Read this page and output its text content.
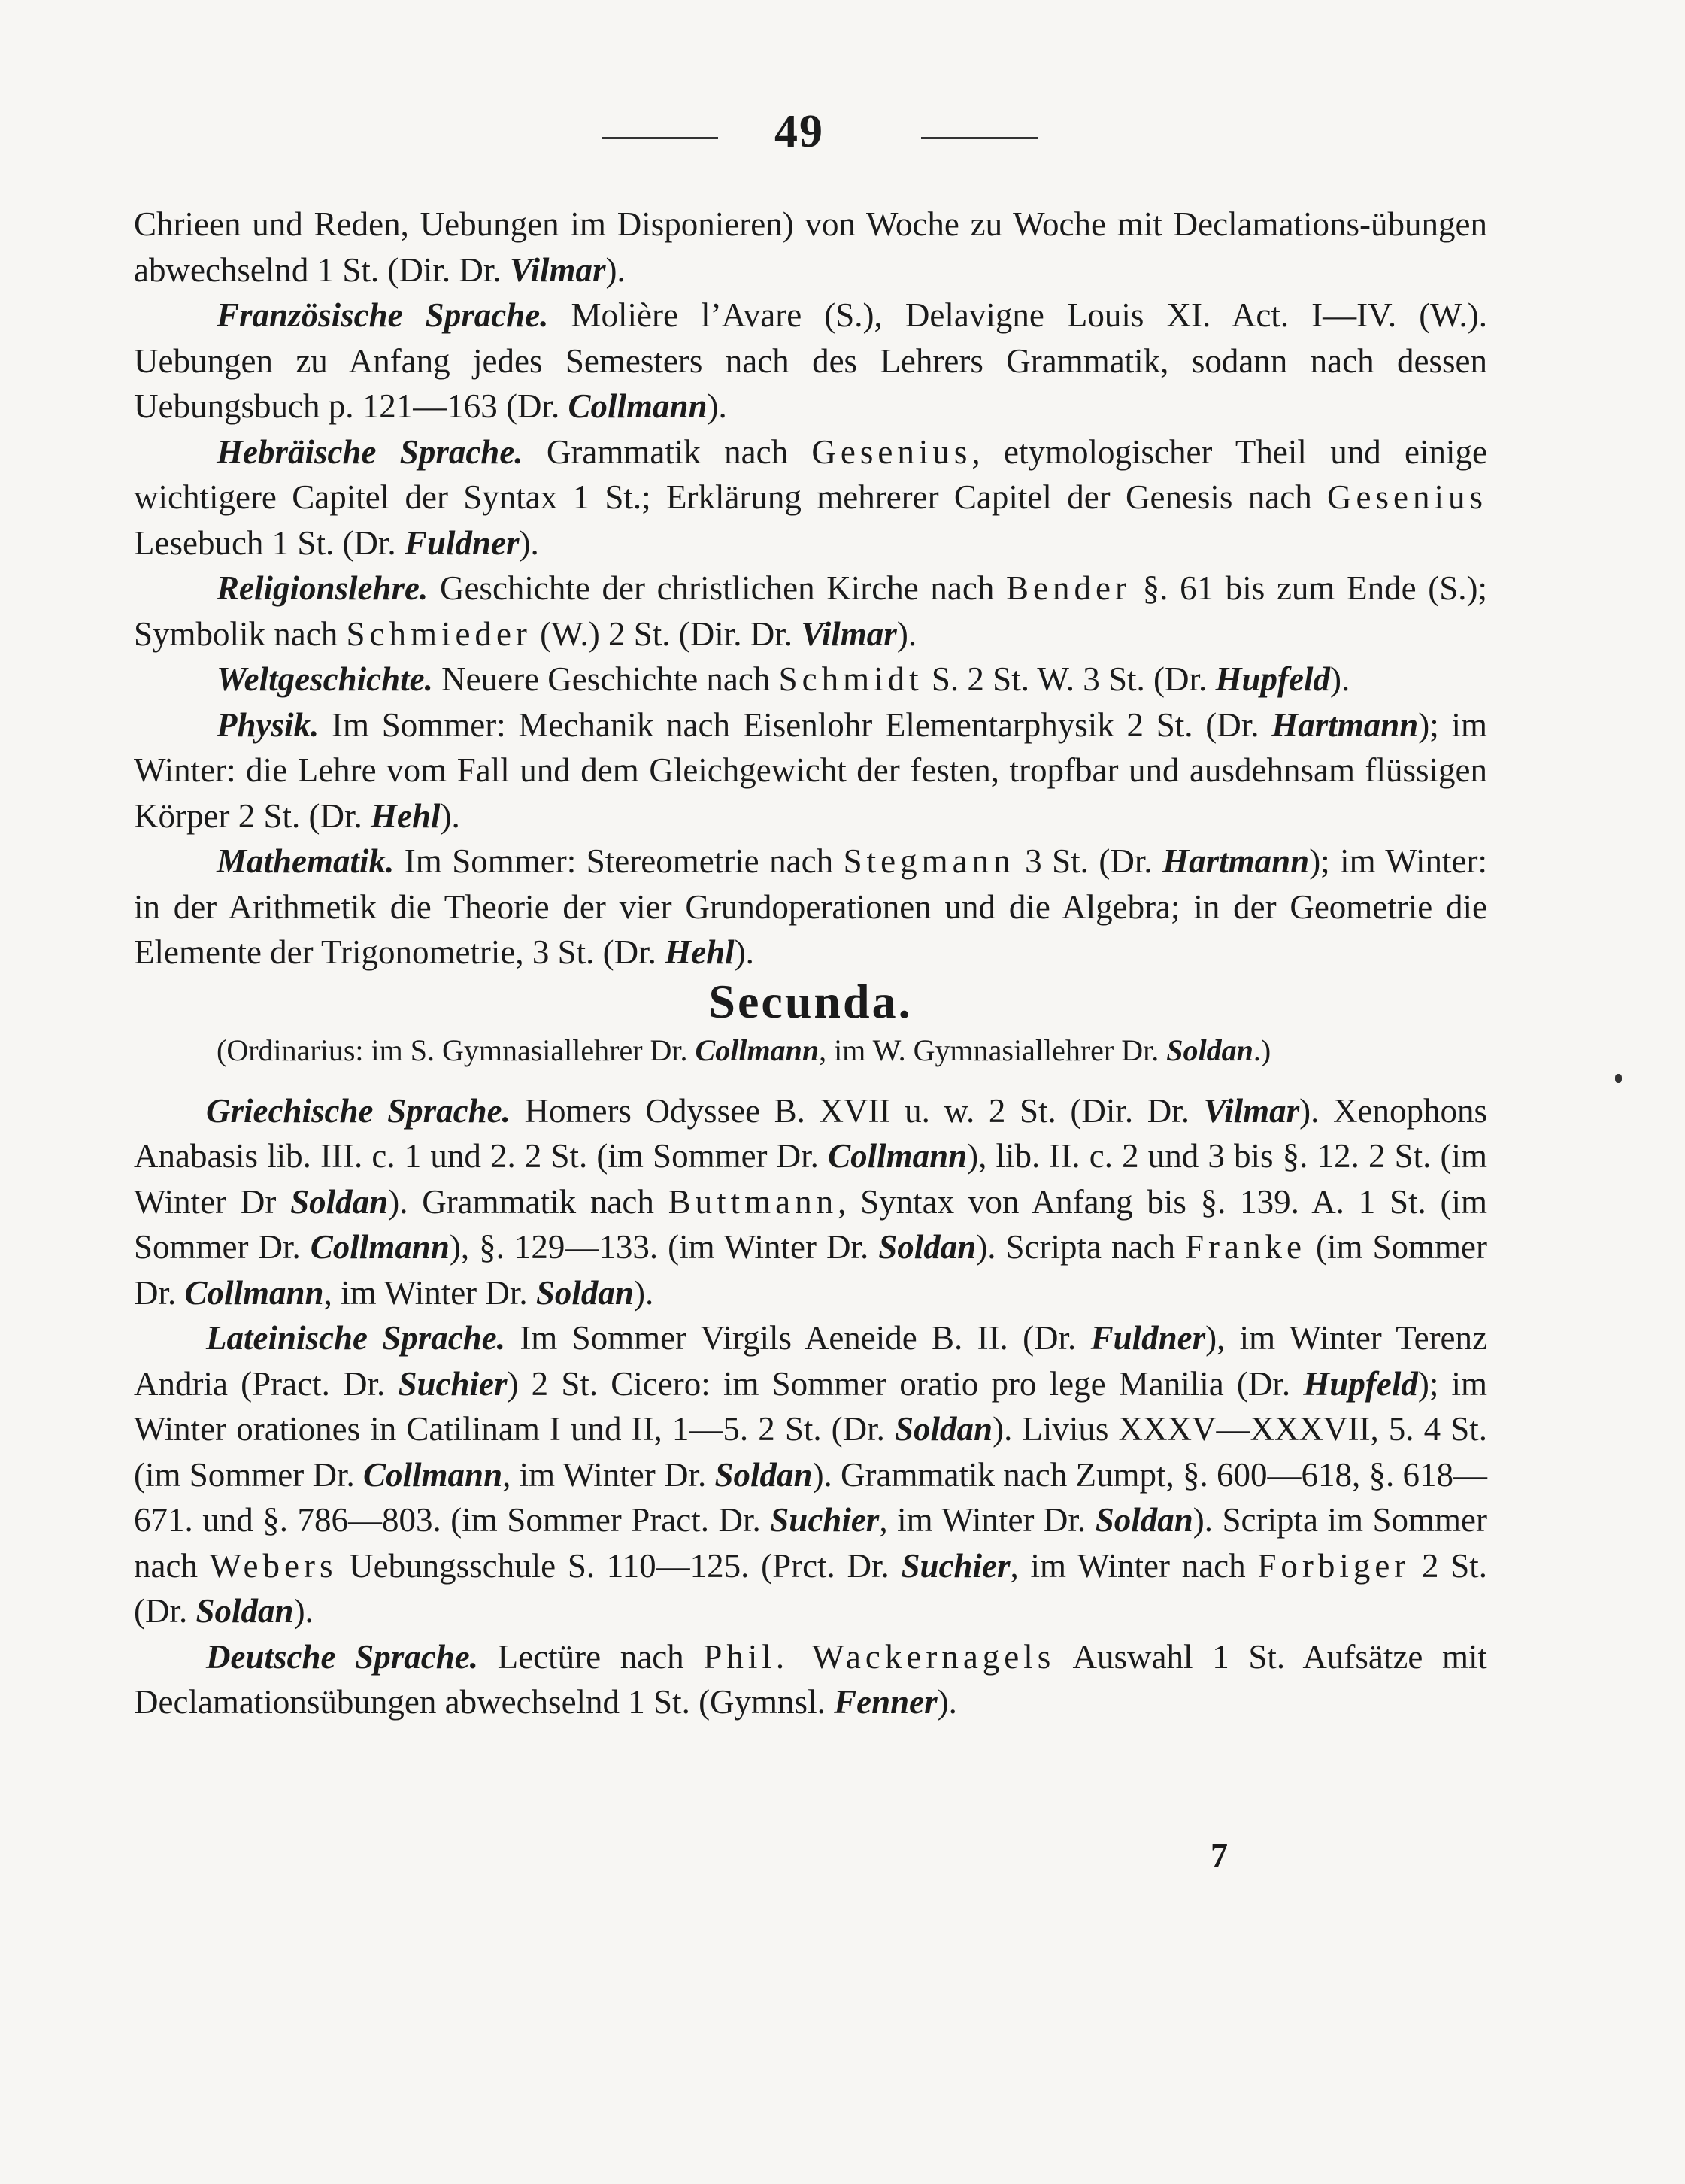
49

Chrieen und Reden, Uebungen im Disponieren) von Woche zu Woche mit Declamations-übungen abwechselnd 1 St. (Dir. Dr. Vilmar).

Französische Sprache. Molière l’Avare (S.), Delavigne Louis XI. Act. I—IV. (W.). Uebungen zu Anfang jedes Semesters nach des Lehrers Grammatik, sodann nach dessen Uebungsbuch p. 121—163 (Dr. Collmann).

Hebräische Sprache. Grammatik nach Gesenius, etymologischer Theil und einige wichtigere Capitel der Syntax 1 St.; Erklärung mehrerer Capitel der Genesis nach Gesenius Lesebuch 1 St. (Dr. Fuldner).

Religionslehre. Geschichte der christlichen Kirche nach Bender §. 61 bis zum Ende (S.); Symbolik nach Schmieder (W.) 2 St. (Dir. Dr. Vilmar).

Weltgeschichte. Neuere Geschichte nach Schmidt S. 2 St. W. 3 St. (Dr. Hupfeld).

Physik. Im Sommer: Mechanik nach Eisenlohr Elementarphysik 2 St. (Dr. Hartmann); im Winter: die Lehre vom Fall und dem Gleichgewicht der festen, tropfbar und ausdehnsam flüssigen Körper 2 St. (Dr. Hehl).

Mathematik. Im Sommer: Stereometrie nach Stegmann 3 St. (Dr. Hartmann); im Winter: in der Arithmetik die Theorie der vier Grundoperationen und die Algebra; in der Geometrie die Elemente der Trigonometrie, 3 St. (Dr. Hehl).

Secunda.

(Ordinarius: im S. Gymnasiallehrer Dr. Collmann, im W. Gymnasiallehrer Dr. Soldan.)

Griechische Sprache. Homers Odyssee B. XVII u. w. 2 St. (Dir. Dr. Vilmar). Xenophons Anabasis lib. III. c. 1 und 2. 2 St. (im Sommer Dr. Collmann), lib. II. c. 2 und 3 bis §. 12. 2 St. (im Winter Dr Soldan). Grammatik nach Buttmann, Syntax von Anfang bis §. 139. A. 1 St. (im Sommer Dr. Collmann), §. 129—133. (im Winter Dr. Soldan). Scripta nach Franke (im Sommer Dr. Collmann, im Winter Dr. Soldan).

Lateinische Sprache. Im Sommer Virgils Aeneide B. II. (Dr. Fuldner), im Winter Terenz Andria (Pract. Dr. Suchier) 2 St. Cicero: im Sommer oratio pro lege Manilia (Dr. Hupfeld); im Winter orationes in Catilinam I und II, 1—5. 2 St. (Dr. Soldan). Livius XXXV—XXXVII, 5. 4 St. (im Sommer Dr. Collmann, im Winter Dr. Soldan). Grammatik nach Zumpt, §. 600—618, §. 618—671. und §. 786—803. (im Sommer Pract. Dr. Suchier, im Winter Dr. Soldan). Scripta im Sommer nach Webers Uebungsschule S. 110—125. (Prct. Dr. Suchier, im Winter nach Forbiger 2 St. (Dr. Soldan).

Deutsche Sprache. Lectüre nach Phil. Wackernagels Auswahl 1 St. Aufsätze mit Declamationsübungen abwechselnd 1 St. (Gymnsl. Fenner).

7
